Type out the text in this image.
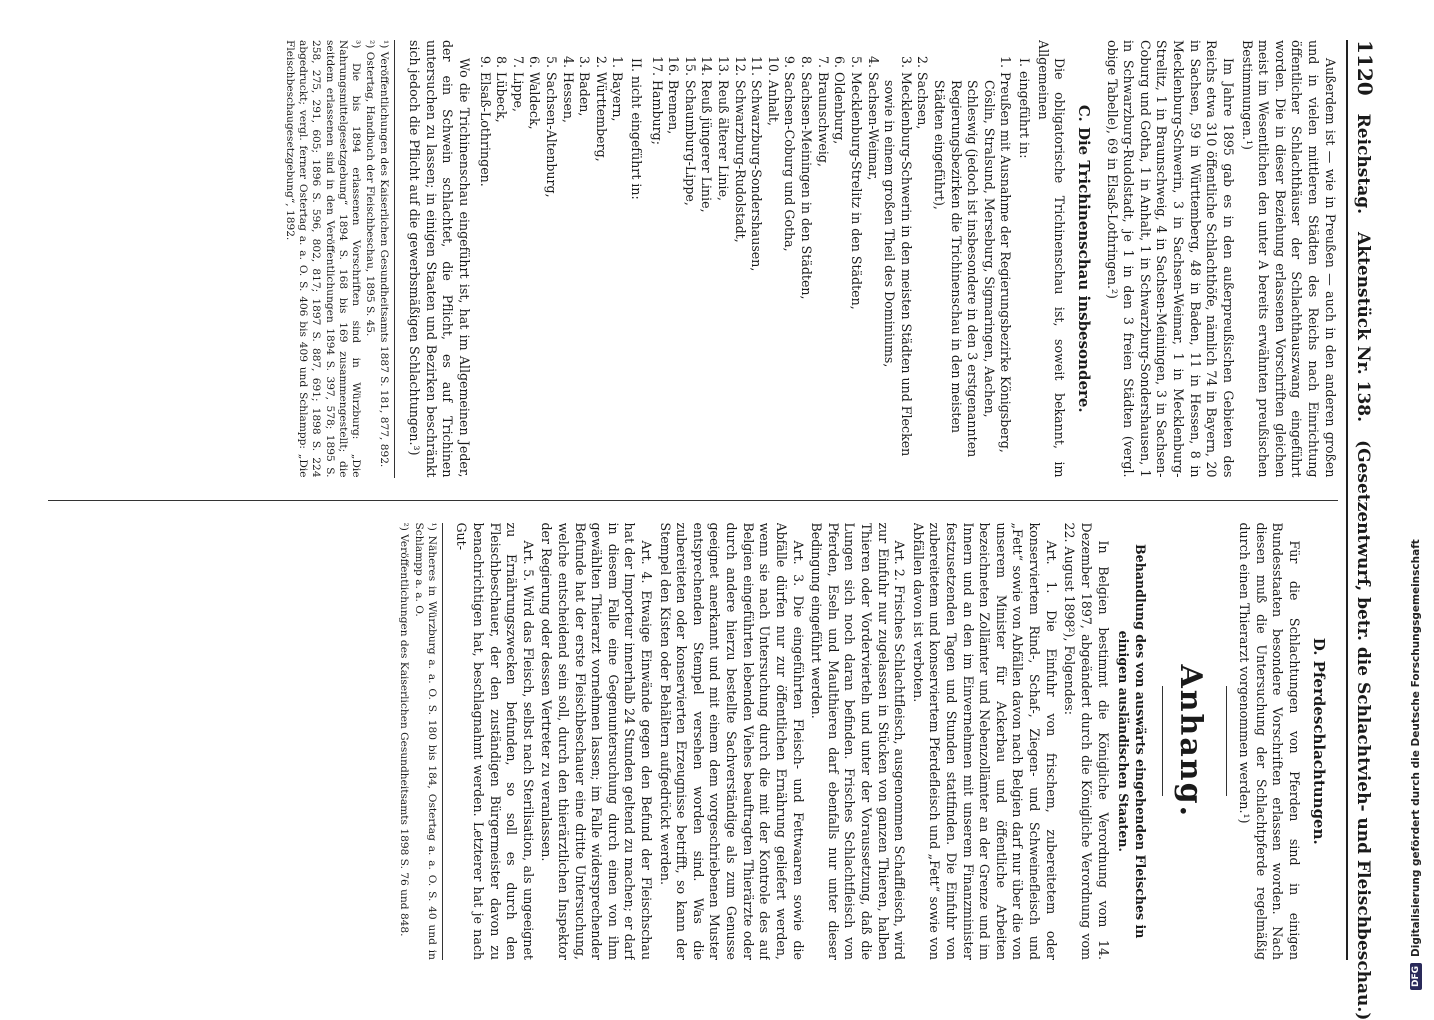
1120
Reichstag.
Aktenstück Nr. 138.
(Gesetzentwurf, betr. die Schlachtvieh- und Fleischbeschau.)

Außerdem ist — wie in Preußen — auch in den anderen großen und in vielen mittleren Städten des Reichs nach Einrichtung öffentlicher Schlachthäuser der Schlachthauszwang eingeführt worden. Die in dieser Beziehung erlassenen Vorschriften gleichen meist im Wesentlichen den unter A bereits erwähnten preußischen Bestimmungen.¹)

Im Jahre 1895 gab es in den außerpreußischen Gebieten des Reichs etwa 310 öffentliche Schlachthöfe, nämlich 74 in Bayern, 20 in Sachsen, 59 in Württemberg, 48 in Baden, 11 in Hessen, 8 in Mecklenburg-Schwerin, 3 in Sachsen-Weimar, 1 in Mecklenburg-Strelitz, 1 in Braunschweig, 4 in Sachsen-Meiningen, 3 in Sachsen-Coburg und Gotha, 1 in Anhalt, 1 in Schwarzburg-Sondershausen, 1 in Schwarzburg-Rudolstadt, je 1 in den 3 freien Städten (vergl. obige Tabelle), 69 in Elsaß-Lothringen.²)

C. Die Trichinenschau insbesondere.

Die obligatorische Trichinenschau ist, soweit bekannt, im Allgemeinen

I. eingeführt in:

1. Preußen mit Ausnahme der Regierungsbezirke Königsberg, Cöslin, Stralsund, Merseburg, Sigmaringen, Aachen, Schleswig (jedoch ist insbesondere in den 3 erstgenannten Regierungsbezirken die Trichinenschau in den meisten Städten eingeführt),
2. Sachsen,
3. Mecklenburg-Schwerin in den meisten Städten und Flecken sowie in einem großen Theil des Dominiums,
4. Sachsen-Weimar,
5. Mecklenburg-Strelitz in den Städten,
6. Oldenburg,
7. Braunschweig,
8. Sachsen-Meiningen in den Städten,
9. Sachsen-Coburg und Gotha,
10. Anhalt,
11. Schwarzburg-Sondershausen,
12. Schwarzburg-Rudolstadt,
13. Reuß älterer Linie,
14. Reuß jüngerer Linie,
15. Schaumburg-Lippe,
16. Bremen,
17. Hamburg;

II. nicht eingeführt in:

1. Bayern,
2. Württemberg,
3. Baden,
4. Hessen,
5. Sachsen-Altenburg,
6. Waldeck,
7. Lippe,
8. Lübeck,
9. Elsaß-Lothringen.

Wo die Trichinenschau eingeführt ist, hat im Allgemeinen Jeder, der ein Schwein schlachtet, die Pflicht, es auf Trichinen untersuchen zu lassen; in einigen Staaten und Bezirken beschränkt sich jedoch die Pflicht auf die gewerbsmäßigen Schlachtungen.³)

¹) Veröffentlichungen des Kaiserlichen Gesundheitsamts 1887 S. 181, 877, 892.

²) Ostertag, Handbuch der Fleischbeschau, 1895 S. 45.

³) Die bis 1894 erlassenen Vorschriften sind in Würzburg: „Die Nahrungsmittelgesetzgebung“ 1894 S. 168 bis 169 zusammengestellt; die seitdem erlassenen sind in den Veröffentlichungen 1894 S. 397, 578; 1895 S. 258, 275, 291, 605; 1896 S. 596, 802, 817; 1897 S. 887, 691; 1898 S. 224 abgedruckt; vergl. ferner Ostertag a. a. O. S. 406 bis 409 und Schlampp: „Die Fleischbeschaugesetzgebung“, 1892.

D. Pferdeschlachtungen.

Für die Schlachtungen von Pferden sind in einigen Bundesstaaten besondere Vorschriften erlassen worden. Nach diesen muß die Untersuchung der Schlachtpferde regelmäßig durch einen Thierarzt vorgenommen werden.¹)

Anhang.
Behandlung des von auswärts eingehenden Fleisches in einigen ausländischen Staaten.

In Belgien bestimmt die Königliche Verordnung vom 14. Dezember 1897, abgeändert durch die Königliche Verordnung vom 22. August 1898²), Folgendes:

Art. 1. Die Einfuhr von frischem, zubereitetem oder konserviertem Rind-, Schaf-, Ziegen- und Schweinefleisch und „Fett“ sowie von Abfällen davon nach Belgien darf nur über die von unserem Minister für Ackerbau und öffentliche Arbeiten bezeichneten Zollämter und Nebenzollämter an der Grenze und im Innern und an den im Einvernehmen mit unserem Finanzminister festzusetzenden Tagen und Stunden stattfinden. Die Einfuhr von zubereitetem und konserviertem Pferdefleisch und „Fett“ sowie von Abfällen davon ist verboten.

Art. 2. Frisches Schlachtfleisch, ausgenommen Schaffleisch, wird zur Einfuhr nur zugelassen in Stücken von ganzen Thieren, halben Thieren oder Vordervierteln und unter der Voraussetzung, daß die Lungen sich noch daran befinden. Frisches Schlachtfleisch von Pferden, Eseln und Maulthieren darf ebenfalls nur unter dieser Bedingung eingeführt werden.

Art. 3. Die eingeführten Fleisch- und Fettwaaren sowie die Abfälle dürfen nur zur öffentlichen Ernährung geliefert werden, wenn sie nach Untersuchung durch die mit der Kontrole des auf Belgien eingeführten lebenden Viehes beauftragten Thierärzte oder durch andere hierzu bestellte Sachverständige als zum Genusse geeignet anerkannt und mit einem dem vorgeschriebenen Muster entsprechenden Stempel versehen worden sind. Was die zubereiteten oder konservierten Erzeugnisse betrifft, so kann der Stempel den Kisten oder Behältern aufgedrückt werden.

Art. 4. Etwaige Einwände gegen den Befund der Fleischschau hat der Importeur innerhalb 24 Stunden geltend zu machen; er darf in diesem Falle eine Gegenuntersuchung durch einen von ihm gewählten Thierarzt vornehmen lassen; im Falle widersprechender Befunde hat der erste Fleischbeschauer eine dritte Untersuchung, welche entscheidend sein soll, durch den thierärztlichen Inspektor der Regierung oder dessen Vertreter zu veranlassen.

Art. 5. Wird das Fleisch, selbst nach Sterilisation, als ungeeignet zu Ernährungszwecken befunden, so soll es durch den Fleischbeschauer, der den zuständigen Bürgermeister davon zu benachrichtigen hat, beschlagnahmt werden. Letzterer hat je nach Gut-

¹) Näheres in Würzburg a. a. O. S. 180 bis 184, Ostertag a. a. O. S. 40 und in Schlampp a. a. O.

²) Veröffentlichungen des Kaiserlichen Gesundheitsamts 1898 S. 76 und 848.

DFG
Digitalisierung gefördert durch die Deutsche Forschungsgemeinschaft
